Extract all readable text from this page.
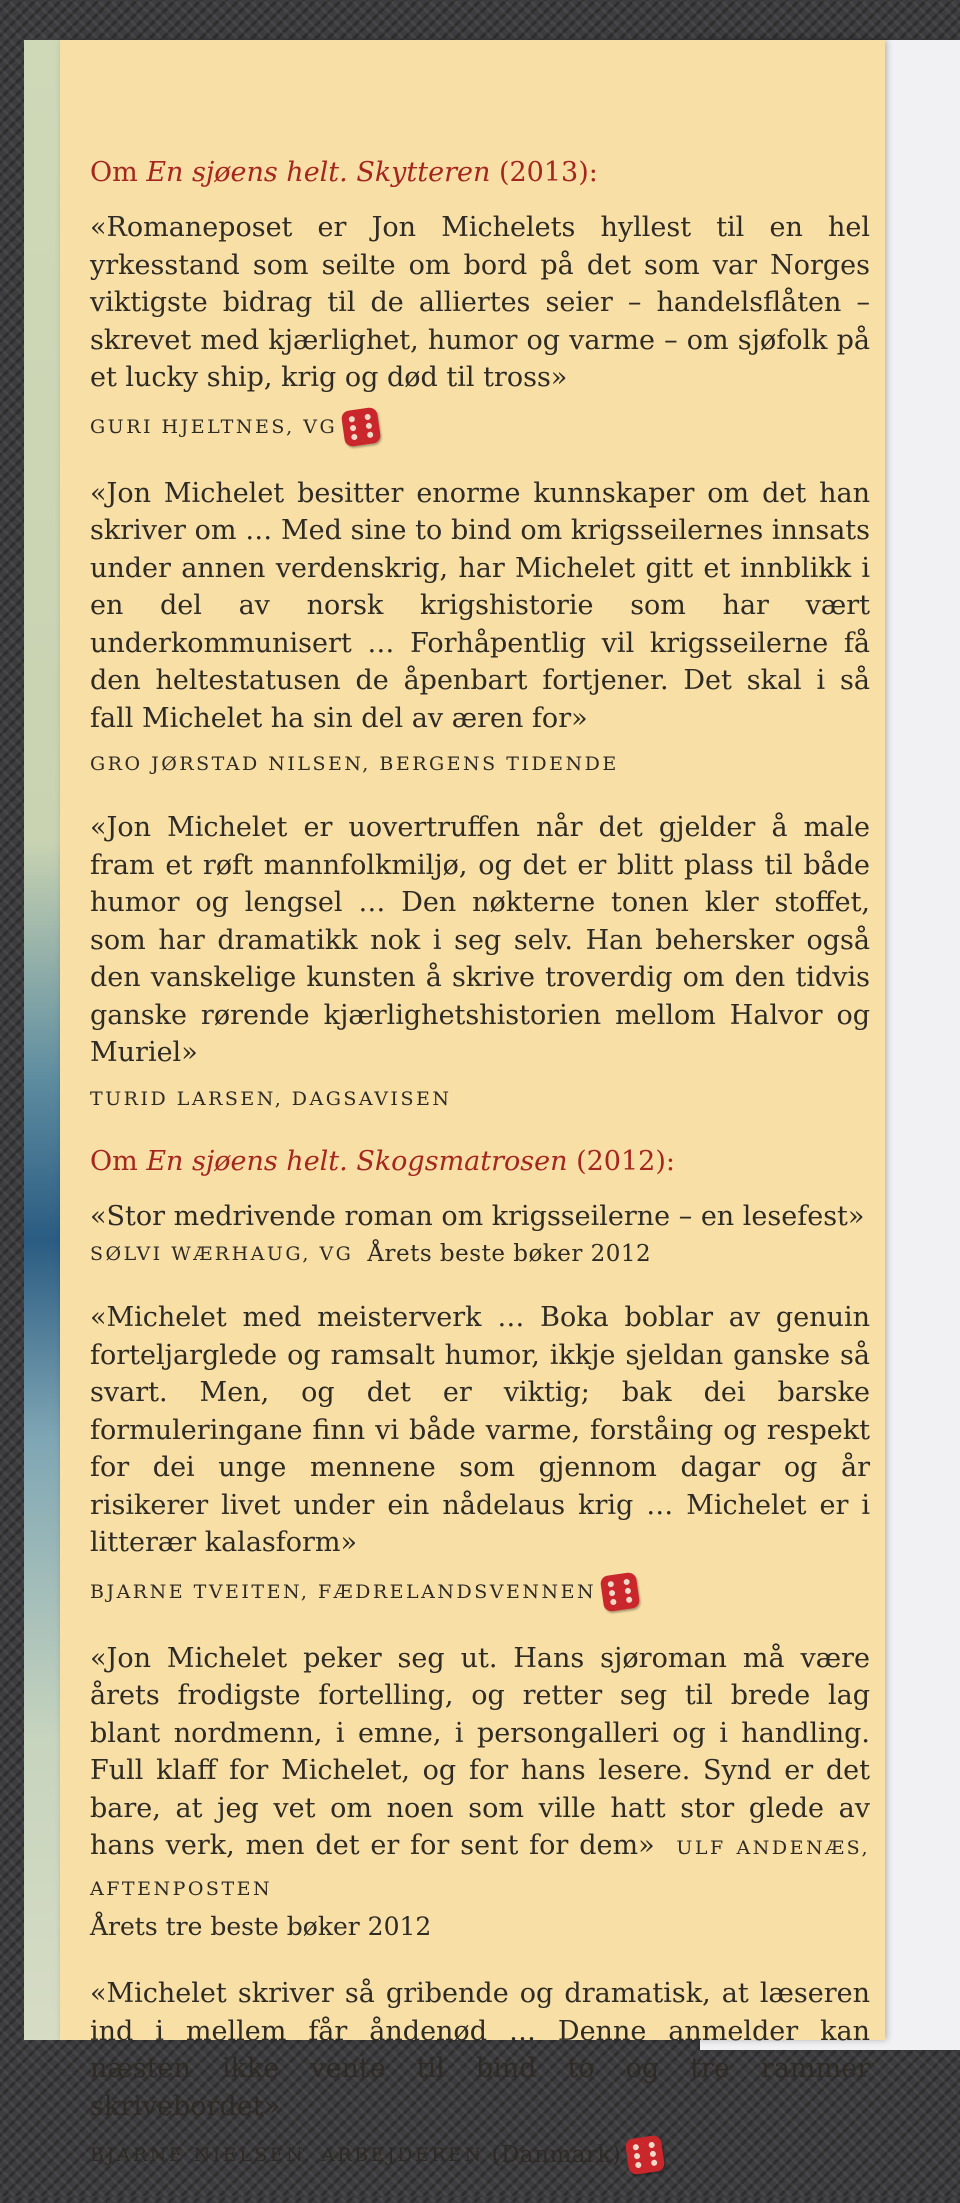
Om En sjøens helt. Skytteren (2013):

«Romaneposet er Jon Michelets hyllest til en hel yrkesstand som seilte om bord på det som var Norges viktigste bidrag til de alliertes seier – handelsflåten – skrevet med kjærlighet, humor og varme – om sjøfolk på et lucky ship, krig og død til tross»

GURI HJELTNES, VG

«Jon Michelet besitter enorme kunnskaper om det han skriver om … Med sine to bind om krigsseilernes innsats under annen verdenskrig, har Michelet gitt et innblikk i en del av norsk krigshistorie som har vært underkommunisert … Forhåpentlig vil krigsseilerne få den heltestatusen de åpenbart fortjener. Det skal i så fall Michelet ha sin del av æren for»

GRO JØRSTAD NILSEN, BERGENS TIDENDE

«Jon Michelet er uovertruffen når det gjelder å male fram et røft mannfolkmiljø, og det er blitt plass til både humor og lengsel … Den nøkterne tonen kler stoffet, som har dramatikk nok i seg selv. Han behersker også den vanskelige kunsten å skrive troverdig om den tidvis ganske rørende kjærlighetshistorien mellom Halvor og Muriel»

TURID LARSEN, DAGSAVISEN

Om En sjøens helt. Skogsmatrosen (2012):

«Stor medrivende roman om krigsseilerne – en lesefest»

SØLVI WÆRHAUG, VG Årets beste bøker 2012

«Michelet med meisterverk … Boka boblar av genuin forteljarglede og ramsalt humor, ikkje sjeldan ganske så svart. Men, og det er viktig; bak dei barske formuleringane finn vi både varme, forståing og respekt for dei unge mennene som gjennom dagar og år risikerer livet under ein nådelaus krig … Michelet er i litterær kalasform»

BJARNE TVEITEN, FÆDRELANDSVENNEN

«Jon Michelet peker seg ut. Hans sjøroman må være årets frodigste fortelling, og retter seg til brede lag blant nordmenn, i emne, i persongalleri og i handling. Full klaff for Michelet, og for hans lesere. Synd er det bare, at jeg vet om noen som ville hatt stor glede av hans verk, men det er for sent for dem» ULF ANDENÆS, AFTENPOSTEN

Årets tre beste bøker 2012

«Michelet skriver så gribende og dramatisk, at læseren ind i mellem får åndenød … Denne anmelder kan næsten ikke vente til bind to og tre rammer skrivebordet»

BJARNE NIELSEN, ARBEJDEREN (Danmark)
